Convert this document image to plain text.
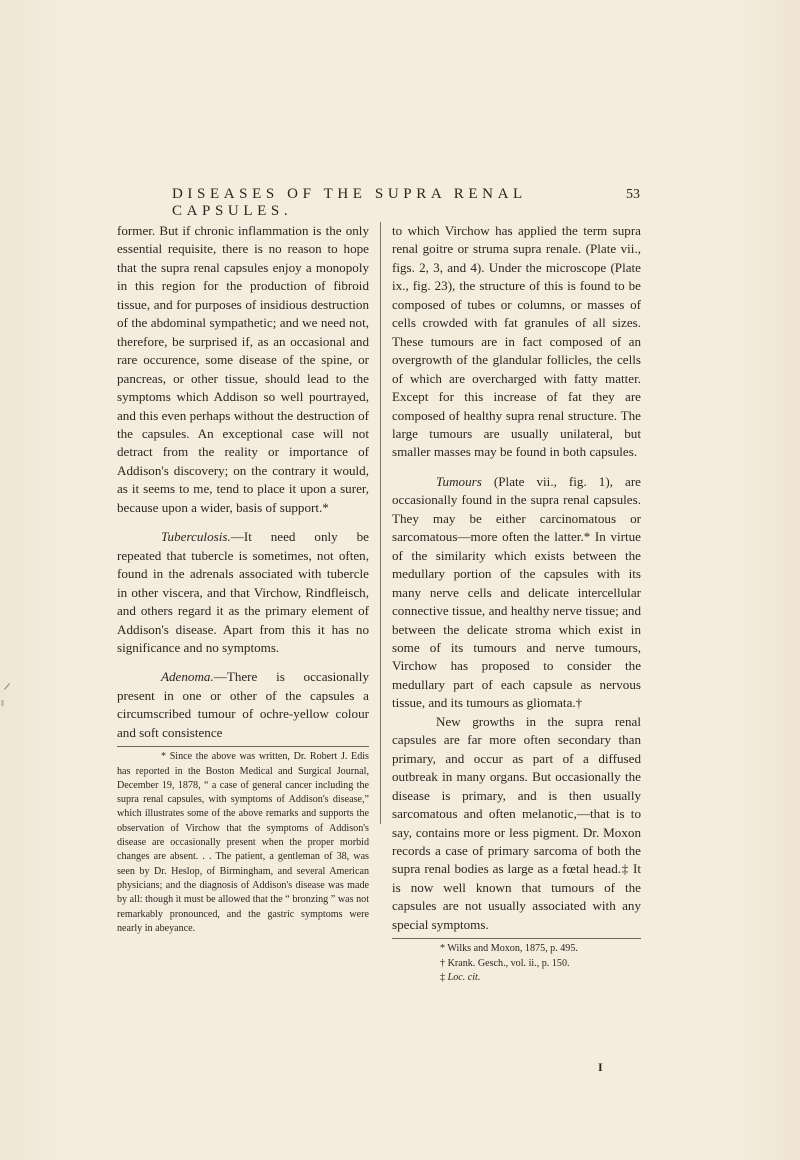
DISEASES OF THE SUPRA RENAL CAPSULES.
53

former. But if chronic inflammation is the only essential requisite, there is no reason to hope that the supra renal capsules enjoy a monopoly in this region for the production of fibroid tissue, and for purposes of insidious destruction of the abdominal sympathetic; and we need not, therefore, be surprised if, as an occasional and rare occurence, some disease of the spine, or pancreas, or other tissue, should lead to the symptoms which Addison so well pourtrayed, and this even perhaps without the destruction of the capsules. An exceptional case will not detract from the reality or importance of Addison's discovery; on the contrary it would, as it seems to me, tend to place it upon a surer, because upon a wider, basis of support.*

Tuberculosis.—It need only be repeated that tubercle is sometimes, not often, found in the adrenals associated with tubercle in other viscera, and that Virchow, Rindfleisch, and others regard it as the primary element of Addison's disease. Apart from this it has no significance and no symptoms.

Adenoma.—There is occasionally present in one or other of the capsules a circumscribed tumour of ochre-yellow colour and soft consistence

* Since the above was written, Dr. Robert J. Edis has reported in the Boston Medical and Surgical Journal, December 19, 1878, “ a case of general cancer including the supra renal capsules, with symptoms of Addison's disease,” which illustrates some of the above remarks and supports the observation of Virchow that the symptoms of Addison's disease are occasionally present when the proper morbid changes are absent. . . The patient, a gentleman of 38, was seen by Dr. Heslop, of Birmingham, and several American physicians; and the diagnosis of Addison's disease was made by all: though it must be allowed that the “ bronzing ” was not remarkably pronounced, and the gastric symptoms were nearly in abeyance.

to which Virchow has applied the term supra renal goitre or struma supra renale. (Plate vii., figs. 2, 3, and 4). Under the microscope (Plate ix., fig. 23), the structure of this is found to be composed of tubes or columns, or masses of cells crowded with fat granules of all sizes. These tumours are in fact composed of an overgrowth of the glandular follicles, the cells of which are overcharged with fatty matter. Except for this increase of fat they are composed of healthy supra renal structure. The large tumours are usually unilateral, but smaller masses may be found in both capsules.

Tumours (Plate vii., fig. 1), are occasionally found in the supra renal capsules. They may be either carcinomatous or sarcomatous—more often the latter.* In virtue of the similarity which exists between the medullary portion of the capsules with its many nerve cells and delicate intercellular connective tissue, and healthy nerve tissue; and between the delicate stroma which exist in some of its tumours and nerve tumours, Virchow has proposed to consider the medullary part of each capsule as nervous tissue, and its tumours as gliomata.†

New growths in the supra renal capsules are far more often secondary than primary, and occur as part of a diffused outbreak in many organs. But occasionally the disease is primary, and is then usually sarcomatous and often melanotic,—that is to say, contains more or less pigment. Dr. Moxon records a case of primary sarcoma of both the supra renal bodies as large as a fœtal head.‡ It is now well known that tumours of the capsules are not usually associated with any special symptoms.

* Wilks and Moxon, 1875, p. 495.

† Krank. Gesch., vol. ii., p. 150.

‡ Loc. cit.

I
